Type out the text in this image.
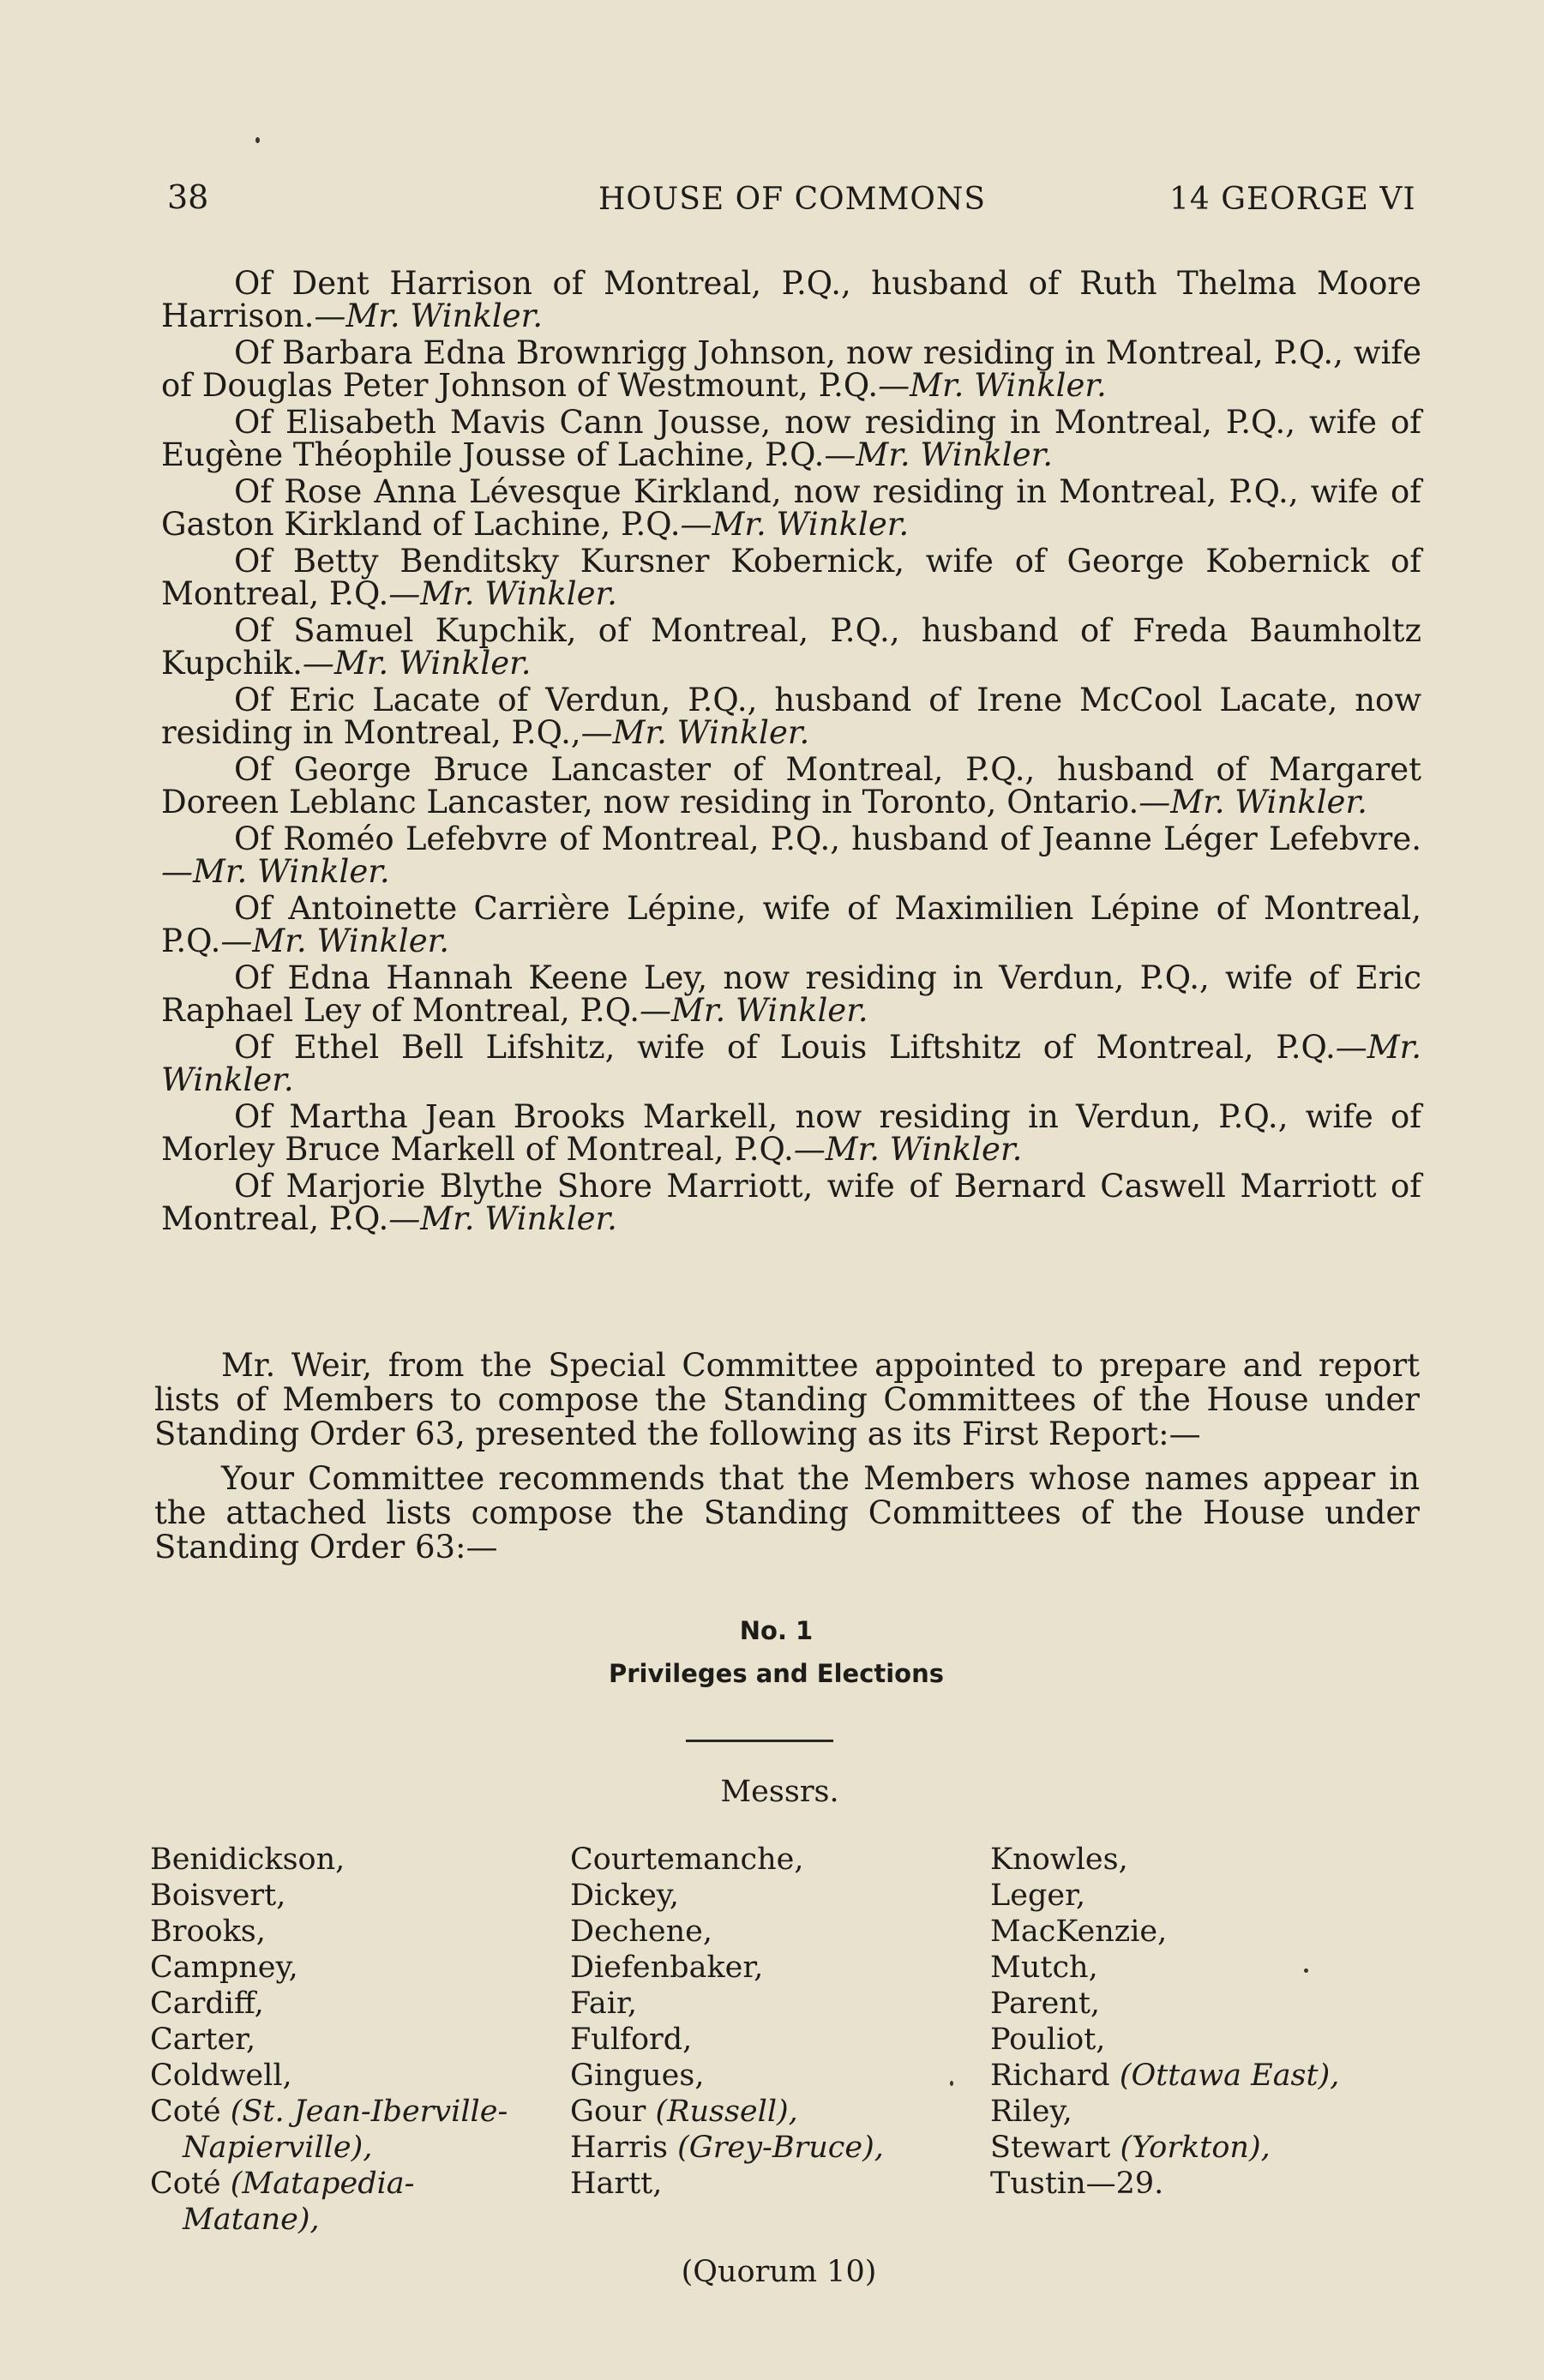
38	HOUSE OF COMMONS	14 GEORGE VI

Of Dent Harrison of Montreal, P.Q., husband of Ruth Thelma Moore Harrison.—Mr. Winkler.

Of Barbara Edna Brownrigg Johnson, now residing in Montreal, P.Q., wife of Douglas Peter Johnson of Westmount, P.Q.—Mr. Winkler.

Of Elisabeth Mavis Cann Jousse, now residing in Montreal, P.Q., wife of Eugène Théophile Jousse of Lachine, P.Q.—Mr. Winkler.

Of Rose Anna Lévesque Kirkland, now residing in Montreal, P.Q., wife of Gaston Kirkland of Lachine, P.Q.—Mr. Winkler.

Of Betty Benditsky Kursner Kobernick, wife of George Kobernick of Montreal, P.Q.—Mr. Winkler.

Of Samuel Kupchik, of Montreal, P.Q., husband of Freda Baumholtz Kupchik.—Mr. Winkler.

Of Eric Lacate of Verdun, P.Q., husband of Irene McCool Lacate, now residing in Montreal, P.Q.,—Mr. Winkler.

Of George Bruce Lancaster of Montreal, P.Q., husband of Margaret Doreen Leblanc Lancaster, now residing in Toronto, Ontario.—Mr. Winkler.

Of Roméo Lefebvre of Montreal, P.Q., husband of Jeanne Léger Lefebvre.—Mr. Winkler.

Of Antoinette Carrière Lépine, wife of Maximilien Lépine of Montreal, P.Q.—Mr. Winkler.

Of Edna Hannah Keene Ley, now residing in Verdun, P.Q., wife of Eric Raphael Ley of Montreal, P.Q.—Mr. Winkler.

Of Ethel Bell Lifshitz, wife of Louis Liftshitz of Montreal, P.Q.—Mr. Winkler.

Of Martha Jean Brooks Markell, now residing in Verdun, P.Q., wife of Morley Bruce Markell of Montreal, P.Q.—Mr. Winkler.

Of Marjorie Blythe Shore Marriott, wife of Bernard Caswell Marriott of Montreal, P.Q.—Mr. Winkler.

Mr. Weir, from the Special Committee appointed to prepare and report lists of Members to compose the Standing Committees of the House under Standing Order 63, presented the following as its First Report:—

Your Committee recommends that the Members whose names appear in the attached lists compose the Standing Committees of the House under Standing Order 63:—

No. 1

Privileges and Elections

Messrs.

Benidickson,
Boisvert,
Brooks,
Campney,
Cardiff,
Carter,
Coldwell,
Coté (St. Jean-Iberville-
Napierville),
Coté (Matapedia-
Matane),
Courtemanche,
Dickey,
Dechene,
Diefenbaker,
Fair,
Fulford,
Gingues,
Gour (Russell),
Harris (Grey-Bruce),
Hartt,
Knowles,
Leger,
MacKenzie,
Mutch,
Parent,
Pouliot,
Richard (Ottawa East),
Riley,
Stewart (Yorkton),
Tustin—29.
(Quorum 10)
